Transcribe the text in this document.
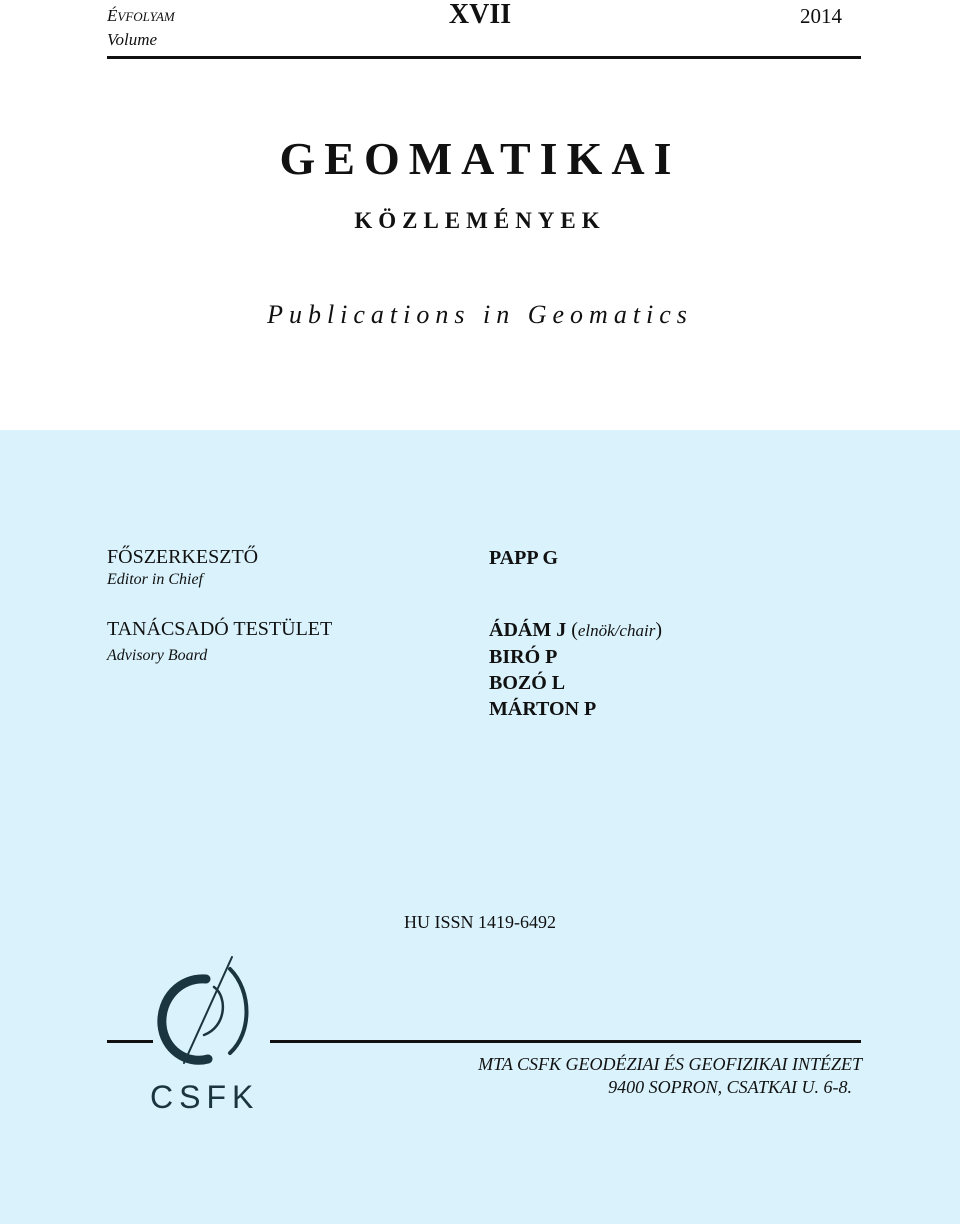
ÉVFOLYAM
Volume
XVII	2014
GEOMATIKAI
KÖZLEMÉNYEK
Publications in Geomatics
FŐSZERKESZTŐ
Editor in Chief
PAPP G
TANÁCSADÓ TESTÜLET
Advisory Board
ÁDÁM J (elnök/chair)
BIRÓ P
BOZÓ L
MÁRTON P
HU ISSN 1419-6492
CSFK
MTA CSFK GEODÉZIAI ÉS GEOFIZIKAI INTÉZET
9400 SOPRON, CSATKAI U. 6-8.
